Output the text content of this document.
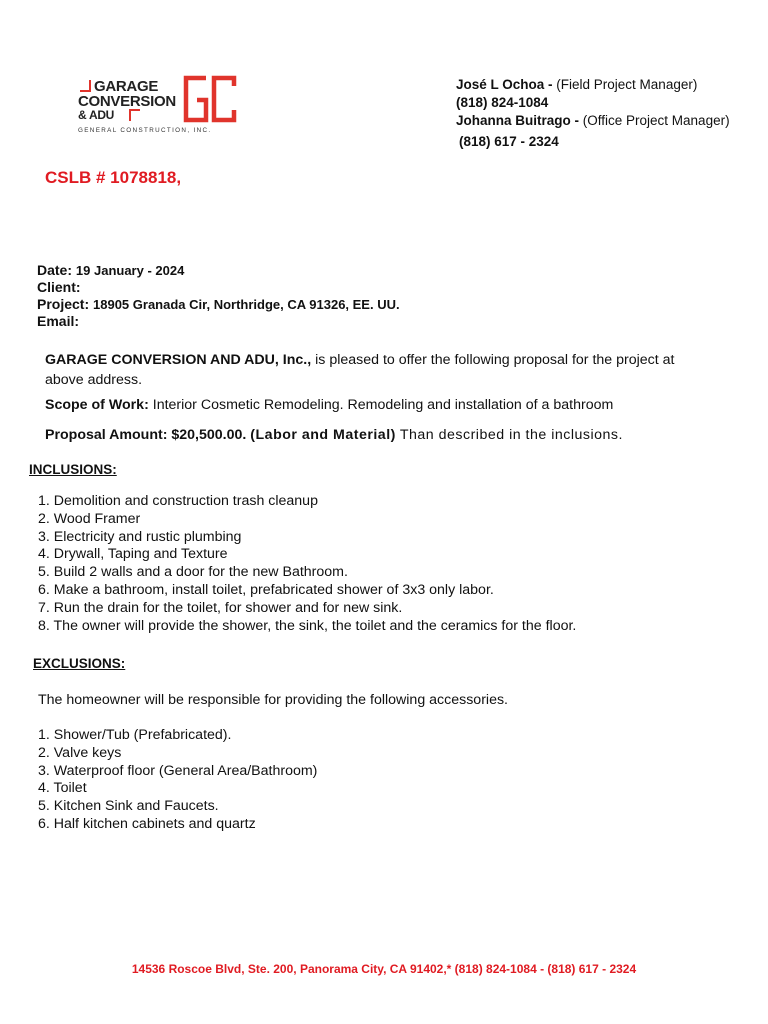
GARAGE
CONVERSION
& ADU
GENERAL CONSTRUCTION, INC.
José L Ochoa - (Field Project Manager)
(818) 824-1084
Johanna Buitrago - (Office Project Manager)
(818) 617 - 2324
CSLB # 1078818,
Date: 19 January - 2024
Client:
Project: 18905 Granada Cir, Northridge, CA 91326, EE. UU.
Email:
GARAGE CONVERSION AND ADU, Inc., is pleased to offer the following proposal for the project at
above address.
Scope of Work: Interior Cosmetic Remodeling. Remodeling and installation of a bathroom
Proposal Amount: $20,500.00. (Labor and Material) Than described in the inclusions.
INCLUSIONS:
1. Demolition and construction trash cleanup
2. Wood Framer
3. Electricity and rustic plumbing
4. Drywall, Taping and Texture
5. Build 2 walls and a door for the new Bathroom.
6. Make a bathroom, install toilet, prefabricated shower of 3x3 only labor.
7. Run the drain for the toilet, for shower and for new sink.
8. The owner will provide the shower, the sink, the toilet and the ceramics for the floor.
EXCLUSIONS:
The homeowner will be responsible for providing the following accessories.
1. Shower/Tub (Prefabricated).
2. Valve keys
3. Waterproof floor (General Area/Bathroom)
4. Toilet
5. Kitchen Sink and Faucets.
6. Half kitchen cabinets and quartz
14536 Roscoe Blvd, Ste. 200, Panorama City, CA 91402,* (818) 824-1084 - (818) 617 - 2324
